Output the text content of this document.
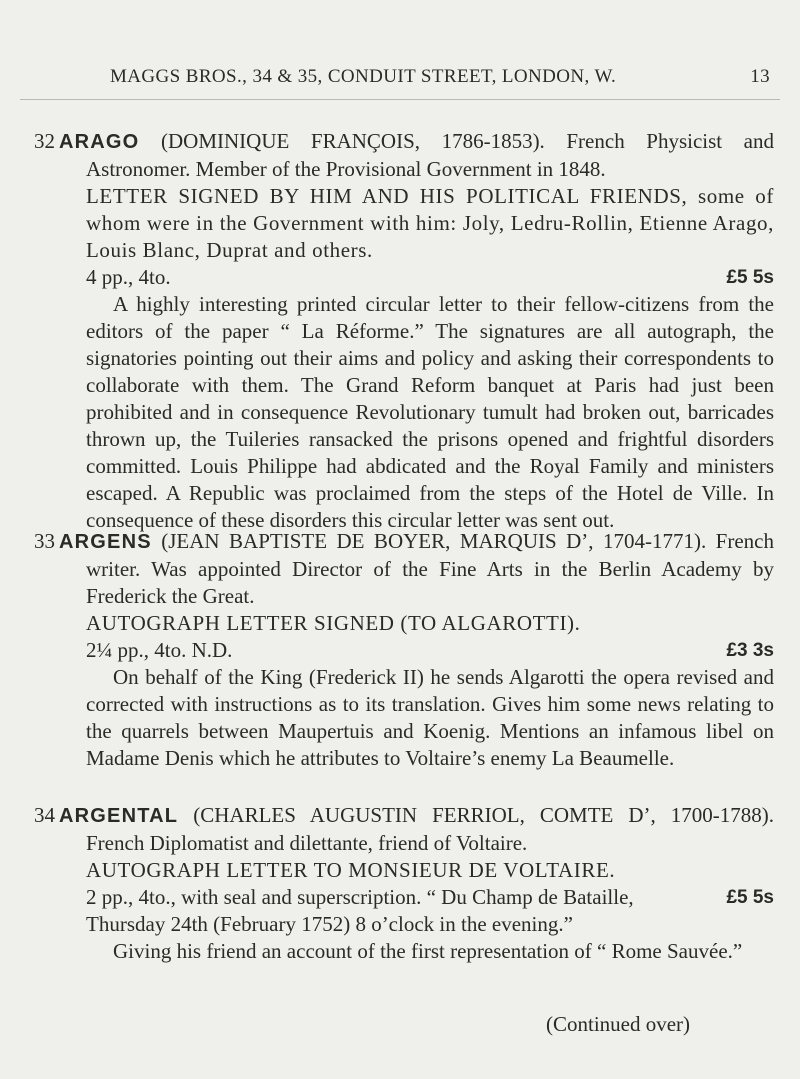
MAGGS BROS., 34 & 35, CONDUIT STREET, LONDON, W.	13
32 ARAGO (DOMINIQUE FRANÇOIS, 1786-1853). French Physicist and Astronomer. Member of the Provisional Government in 1848.
LETTER SIGNED BY HIM AND HIS POLITICAL FRIENDS, some of whom were in the Government with him: Joly, Ledru-Rollin, Etienne Arago, Louis Blanc, Duprat and others.
4 pp., 4to.	£5 5s
A highly interesting printed circular letter to their fellow-citizens from the editors of the paper “ La Réforme.” The signatures are all autograph, the signatories pointing out their aims and policy and asking their correspondents to collaborate with them. The Grand Reform banquet at Paris had just been prohibited and in consequence Revolutionary tumult had broken out, barricades thrown up, the Tuileries ransacked the prisons opened and frightful disorders committed. Louis Philippe had abdicated and the Royal Family and ministers escaped. A Republic was proclaimed from the steps of the Hotel de Ville. In consequence of these disorders this circular letter was sent out.
33 ARGENS (JEAN BAPTISTE DE BOYER, MARQUIS D’, 1704-1771). French writer. Was appointed Director of the Fine Arts in the Berlin Academy by Frederick the Great.
AUTOGRAPH LETTER SIGNED (TO ALGAROTTI).
2¼ pp., 4to. N.D.	£3 3s
On behalf of the King (Frederick II) he sends Algarotti the opera revised and corrected with instructions as to its translation. Gives him some news relating to the quarrels between Maupertuis and Koenig. Mentions an infamous libel on Madame Denis which he attributes to Voltaire’s enemy La Beaumelle.
34 ARGENTAL (CHARLES AUGUSTIN FERRIOL, COMTE D’, 1700-1788). French Diplomatist and dilettante, friend of Voltaire.
AUTOGRAPH LETTER TO MONSIEUR DE VOLTAIRE.
2 pp., 4to., with seal and superscription. “ Du Champ de Bataille, Thursday 24th (February 1752) 8 o’clock in the evening.”
£5 5s
Giving his friend an account of the first representation of “ Rome Sauvée.”
(Continued over)
